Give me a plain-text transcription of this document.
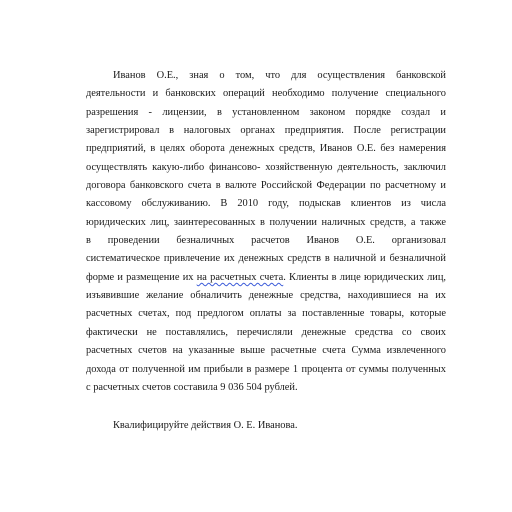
Иванов О.Е., зная о том, что для осуществления банковской
деятельности и банковских операций необходимо получение специального
разрешения - лицензии, в установленном законом порядке создал и
зарегистрировал в налоговых органах предприятия. После регистрации
предприятий, в целях оборота денежных средств, Иванов О.Е. без намерения
осуществлять какую-либо финансово- хозяйственную деятельность, заключил
договора банковского счета в валюте Российской Федерации по расчетному и
кассовому обслуживанию. В 2010 году, подыскав клиентов из числа
юридических лиц, заинтересованных в получении наличных средств, а также
в проведении безналичных расчетов Иванов О.Е. организовал
систематическое привлечение их денежных средств в наличной и безналичной
форме и размещение их на расчетных счета. Клиенты в лице юридических лиц,
изъявившие желание обналичить денежные средства, находившиеся на их
расчетных счетах, под предлогом оплаты за поставленные товары, которые
фактически не поставлялись, перечисляли денежные средства со своих
расчетных счетов на указанные выше расчетные счета Сумма извлеченного
дохода от полученной им прибыли в размере 1 процента от суммы полученных
с расчетных счетов составила 9 036 504 рублей.
Квалифицируйте действия О. Е. Иванова.
